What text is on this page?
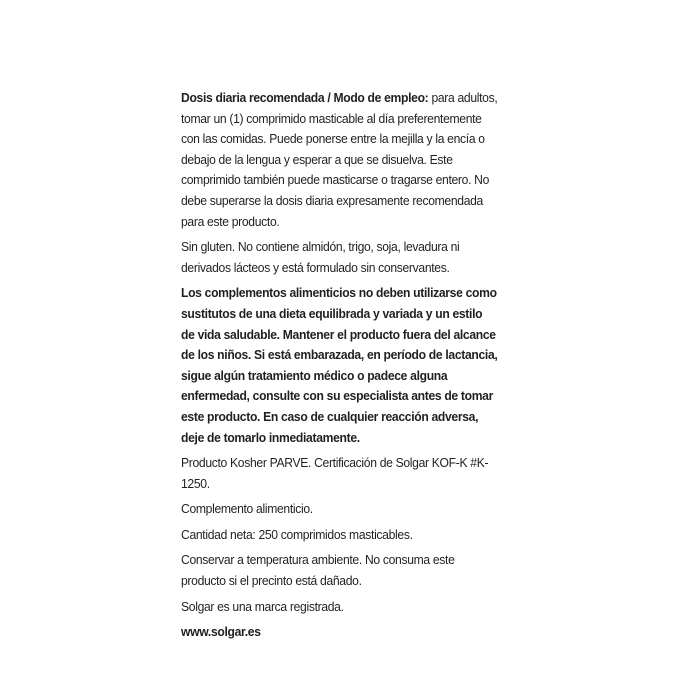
Dosis diaria recomendada / Modo de empleo: para adultos, tomar un (1) comprimido masticable al día preferentemente con las comidas. Puede ponerse entre la mejilla y la encía o debajo de la lengua y esperar a que se disuelva. Este comprimido también puede masticarse o tragarse entero. No debe superarse la dosis diaria expresamente recomendada para este producto.

Sin gluten. No contiene almidón, trigo, soja, levadura ni derivados lácteos y está formulado sin conservantes.

Los complementos alimenticios no deben utilizarse como sustitutos de una dieta equilibrada y variada y un estilo de vida saludable. Mantener el producto fuera del alcance de los niños. Si está embarazada, en período de lactancia, sigue algún tratamiento médico o padece alguna enfermedad, consulte con su especialista antes de tomar este producto. En caso de cualquier reacción adversa, deje de tomarlo inmediatamente.

Producto Kosher PARVE. Certificación de Solgar KOF-K #K-1250.

Complemento alimenticio.

Cantidad neta: 250 comprimidos masticables.

Conservar a temperatura ambiente. No consuma este producto si el precinto está dañado.

Solgar es una marca registrada.

www.solgar.es
